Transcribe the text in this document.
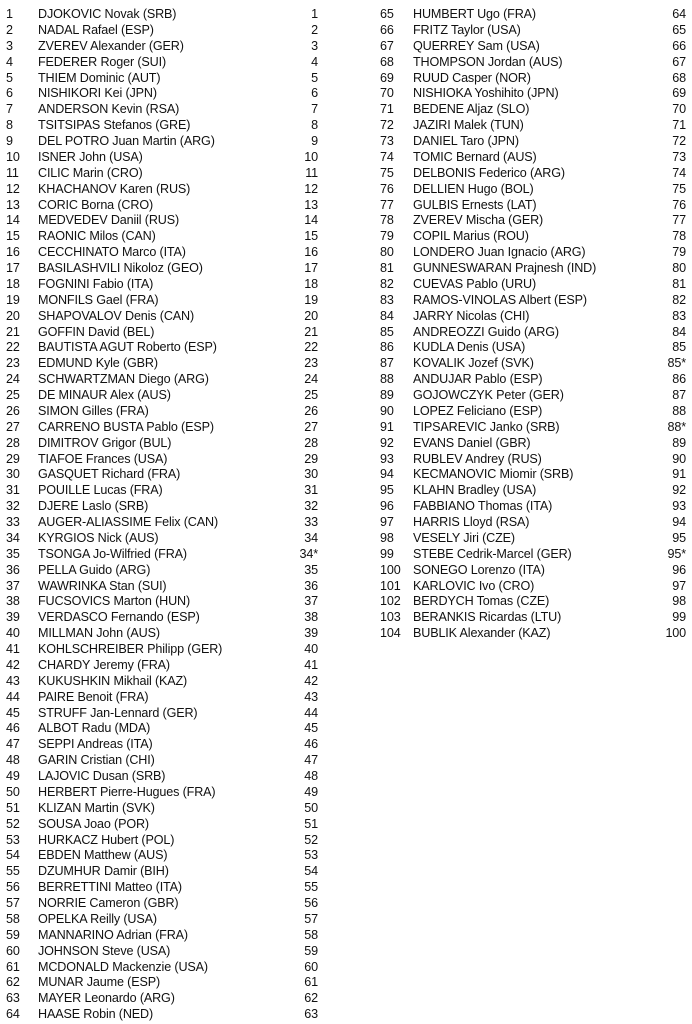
1 DJOKOVIC Novak (SRB)	1
2 NADAL Rafael (ESP)	2
3 ZVEREV Alexander (GER)	3
4 FEDERER Roger (SUI)	4
5 THIEM Dominic (AUT)	5
6 NISHIKORI Kei (JPN)	6
7 ANDERSON Kevin (RSA)	7
8 TSITSIPAS Stefanos (GRE)	8
9 DEL POTRO Juan Martin (ARG)	9
10 ISNER John (USA)	10
11 CILIC Marin (CRO)	11
12 KHACHANOV Karen (RUS)	12
13 CORIC Borna (CRO)	13
14 MEDVEDEV Daniil (RUS)	14
15 RAONIC Milos (CAN)	15
16 CECCHINATO Marco (ITA)	16
17 BASILASHVILI Nikoloz (GEO)	17
18 FOGNINI Fabio (ITA)	18
19 MONFILS Gael (FRA)	19
20 SHAPOVALOV Denis (CAN)	20
21 GOFFIN David (BEL)	21
22 BAUTISTA AGUT Roberto (ESP)	22
23 EDMUND Kyle (GBR)	23
24 SCHWARTZMAN Diego (ARG)	24
25 DE MINAUR Alex (AUS)	25
26 SIMON Gilles (FRA)	26
27 CARRENO BUSTA Pablo (ESP)	27
28 DIMITROV Grigor (BUL)	28
29 TIAFOE Frances (USA)	29
30 GASQUET Richard (FRA)	30
31 POUILLE Lucas (FRA)	31
32 DJERE Laslo (SRB)	32
33 AUGER-ALIASSIME Felix (CAN)	33
34 KYRGIOS Nick (AUS)	34
35 TSONGA Jo-Wilfried (FRA)	34*
36 PELLA Guido (ARG)	35
37 WAWRINKA Stan (SUI)	36
38 FUCSOVICS Marton (HUN)	37
39 VERDASCO Fernando (ESP)	38
40 MILLMAN John (AUS)	39
41 KOHLSCHREIBER Philipp (GER)	40
42 CHARDY Jeremy (FRA)	41
43 KUKUSHKIN Mikhail (KAZ)	42
44 PAIRE Benoit (FRA)	43
45 STRUFF Jan-Lennard (GER)	44
46 ALBOT Radu (MDA)	45
47 SEPPI Andreas (ITA)	46
48 GARIN Cristian (CHI)	47
49 LAJOVIC Dusan (SRB)	48
50 HERBERT Pierre-Hugues (FRA)	49
51 KLIZAN Martin (SVK)	50
52 SOUSA Joao (POR)	51
53 HURKACZ Hubert (POL)	52
54 EBDEN Matthew (AUS)	53
55 DZUMHUR Damir (BIH)	54
56 BERRETTINI Matteo (ITA)	55
57 NORRIE Cameron (GBR)	56
58 OPELKA Reilly (USA)	57
59 MANNARINO Adrian (FRA)	58
60 JOHNSON Steve (USA)	59
61 MCDONALD Mackenzie (USA)	60
62 MUNAR Jaume (ESP)	61
63 MAYER Leonardo (ARG)	62
64 HAASE Robin (NED)	63
65 HUMBERT Ugo (FRA)	64
66 FRITZ Taylor (USA)	65
67 QUERREY Sam (USA)	66
68 THOMPSON Jordan (AUS)	67
69 RUUD Casper (NOR)	68
70 NISHIOKA Yoshihito (JPN)	69
71 BEDENE Aljaz (SLO)	70
72 JAZIRI Malek (TUN)	71
73 DANIEL Taro (JPN)	72
74 TOMIC Bernard (AUS)	73
75 DELBONIS Federico (ARG)	74
76 DELLIEN Hugo (BOL)	75
77 GULBIS Ernests (LAT)	76
78 ZVEREV Mischa (GER)	77
79 COPIL Marius (ROU)	78
80 LONDERO Juan Ignacio (ARG)	79
81 GUNNESWARAN Prajnesh (IND)	80
82 CUEVAS Pablo (URU)	81
83 RAMOS-VINOLAS Albert (ESP)	82
84 JARRY Nicolas (CHI)	83
85 ANDREOZZI Guido (ARG)	84
86 KUDLA Denis (USA)	85
87 KOVALIK Jozef (SVK)	85*
88 ANDUJAR Pablo (ESP)	86
89 GOJOWCZYK Peter (GER)	87
90 LOPEZ Feliciano (ESP)	88
91 TIPSAREVIC Janko (SRB)	88*
92 EVANS Daniel (GBR)	89
93 RUBLEV Andrey (RUS)	90
94 KECMANOVIC Miomir (SRB)	91
95 KLAHN Bradley (USA)	92
96 FABBIANO Thomas (ITA)	93
97 HARRIS Lloyd (RSA)	94
98 VESELY Jiri (CZE)	95
99 STEBE Cedrik-Marcel (GER)	95*
100 SONEGO Lorenzo (ITA)	96
101 KARLOVIC Ivo (CRO)	97
102 BERDYCH Tomas (CZE)	98
103 BERANKIS Ricardas (LTU)	99
104 BUBLIK Alexander (KAZ)	100
